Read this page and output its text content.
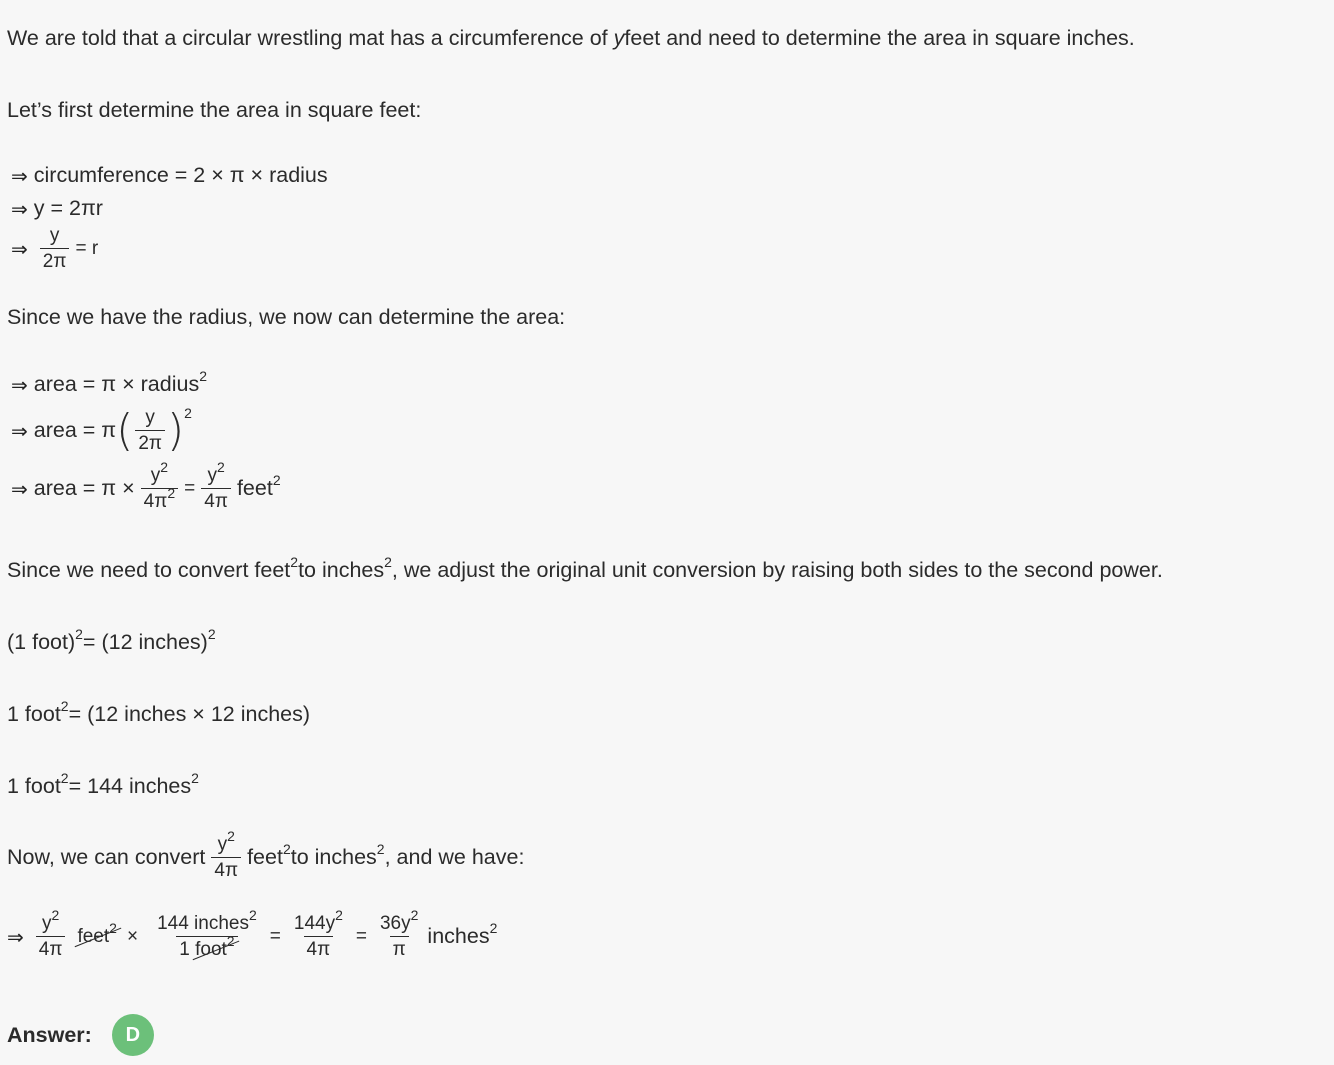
We are told that a circular wrestling mat has a circumference of
y feet and need to determine the area in square inches.
Let’s first determine the area in square feet:
⇒ circumference = 2 × π × radius
⇒ y = 2πr
⇒ $\frac{y}{2\pi} = r$
Since we have the radius, we now can determine the area:
⇒ area = π × radius$^2$
⇒ area = π ( $\frac{y}{2\pi} )^2$
⇒ area = $\pi \times \frac{y^2}{4\pi^2} = \frac{y^2}{4\pi}$ feet$^2$
Since we need to convert feet$^2$ to inches$^2$ , we adjust the original unit conversion by raising both sides to the second power.
(1 foot)$^2$ = (12 inches)$^2$
1 foot$^2$ = (12 inches × 12 inches)
1 foot$^2$ = 144 inches$^2$
Now, we can convert $\frac{y^2}{4\pi}$ feet$^2$ to inches$^2$ , and we have:
⇒ $\frac{y^2}{4\pi}$ feet$^2$ × $\frac{144 inches^2}{1 foot^2} = \frac{144y^2}{4\pi} = \frac{36y^2}{\pi}$ inches$^2$
Answer:	D
